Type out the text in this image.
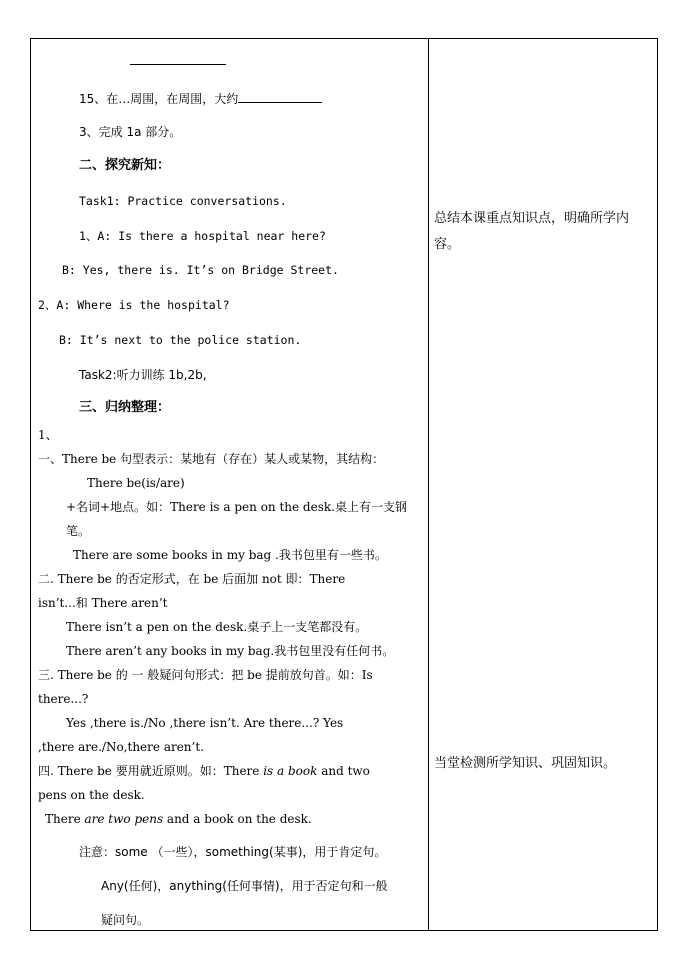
15、在…周围，在周围，大约
3、完成 1a 部分。
二、探究新知：
Task1: Practice conversations.
1、A: Is there a hospital near here?
B: Yes, there is. It’s on Bridge Street.
2、A: Where is the hospital?
B: It’s next to the police station.
Task2:听力训练 1b,2b,
三、归纳整理：
1、
一、There be 句型表示：某地有（存在）某人或某物，其结构：
There be(is/are)
+名词+地点。如：There is a pen on the desk.桌上有一支钢
笔。
There are some books in my bag .我书包里有一些书。
二. There be 的否定形式，在 be 后面加 not 即：There
isn’t...和 There aren’t
There isn’t a pen on the desk.桌子上一支笔都没有。
There aren’t any books in my bag.我书包里没有任何书。
三. There be 的 一 般疑问句形式：把 be 提前放句首。如：Is
there...?
Yes ,there is./No ,there isn’t. Are there...? Yes
,there are./No,there aren’t.
四. There be 要用就近原则。如：There is a book and two
pens on the desk.
There are two pens and a book on the desk.
注意：some （一些），something(某事)，用于肯定句。
Any(任何)，anything(任何事情)，用于否定句和一般
疑问句。
总结本课重点知识点，明确所学内容。
当堂检测所学知识、巩固知识。
